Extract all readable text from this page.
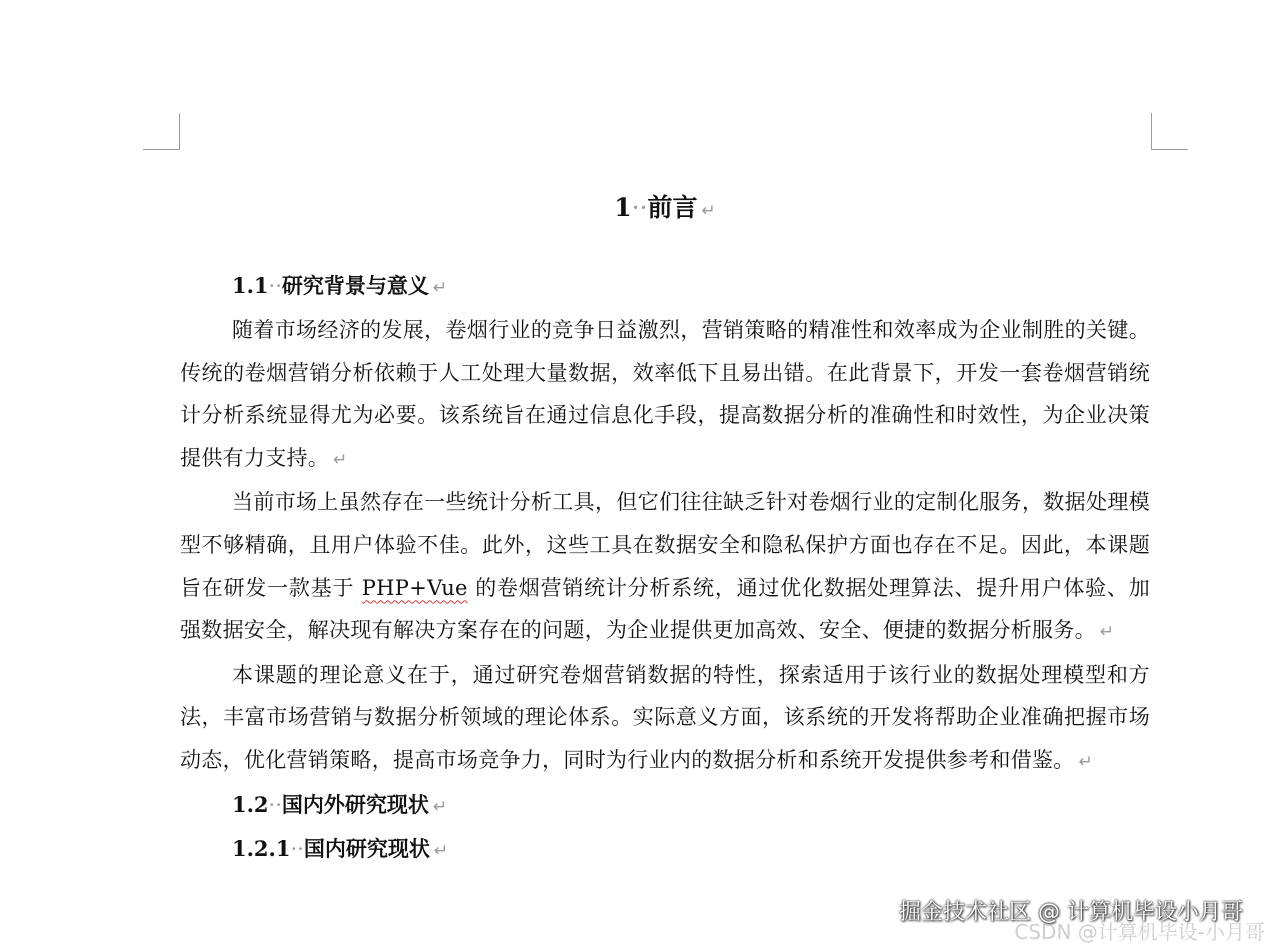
1··前言 ↵
1.1··研究背景与意义 ↵

随着市场经济的发展，卷烟行业的竞争日益激烈，营销策略的精准性和效率成为企业制胜的关键。传统的卷烟营销分析依赖于人工处理大量数据，效率低下且易出错。在此背景下，开发一套卷烟营销统计分析系统显得尤为必要。该系统旨在通过信息化手段，提高数据分析的准确性和时效性，为企业决策提供有力支持。 ↵

当前市场上虽然存在一些统计分析工具，但它们往往缺乏针对卷烟行业的定制化服务，数据处理模型不够精确，且用户体验不佳。此外，这些工具在数据安全和隐私保护方面也存在不足。因此，本课题旨在研发一款基于 PHP+Vue 的卷烟营销统计分析系统，通过优化数据处理算法、提升用户体验、加强数据安全，解决现有解决方案存在的问题，为企业提供更加高效、安全、便捷的数据分析服务。 ↵

本课题的理论意义在于，通过研究卷烟营销数据的特性，探索适用于该行业的数据处理模型和方法，丰富市场营销与数据分析领域的理论体系。实际意义方面，该系统的开发将帮助企业准确把握市场动态，优化营销策略，提高市场竞争力，同时为行业内的数据分析和系统开发提供参考和借鉴。 ↵

1.2··国内外研究现状 ↵
1.2.1··国内研究现状 ↵
掘金技术社区 @ 计算机毕设小月哥
CSDN @计算机毕设-小月哥
